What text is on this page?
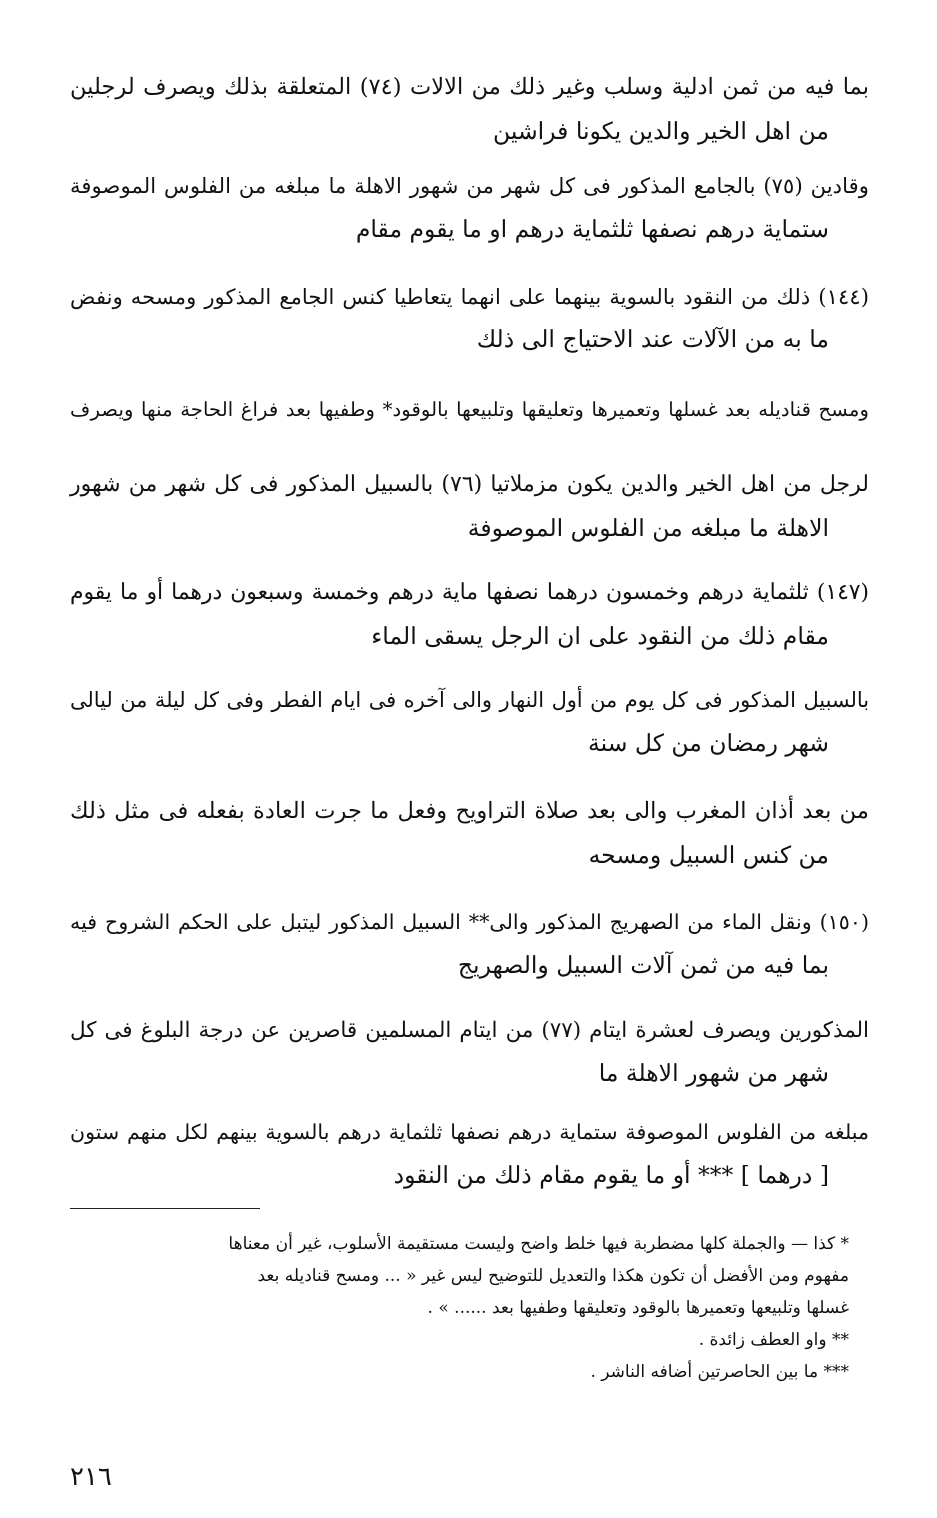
بما فيه من ثمن ادلية وسلب وغير ذلك من الالات (٧٤) المتعلقة بذلك ويصرف لرجلين
من اهل الخير والدين يكونا فراشين
وقادين (٧٥) بالجامع المذكور فى كل شهر من شهور الاهلة ما مبلغه من الفلوس الموصوفة
ستماية درهم نصفها ثلثماية درهم او ما يقوم مقام
(١٤٤) ذلك من النقود بالسوية بينهما على انهما يتعاطيا كنس الجامع المذكور ومسحه ونفض
ما به من الآلات عند الاحتياج الى ذلك
ومسح قناديله بعد غسلها وتعميرها وتعليقها وتلبيعها بالوقود* وطفيها بعد فراغ الحاجة منها ويصرف
لرجل من اهل الخير والدين يكون مزملاتيا (٧٦) بالسبيل المذكور فى كل شهر من شهور
الاهلة ما مبلغه من الفلوس الموصوفة
(١٤٧) ثلثماية درهم وخمسون درهما نصفها ماية درهم وخمسة وسبعون درهما أو ما يقوم
مقام ذلك من النقود على ان الرجل يسقى الماء
بالسبيل المذكور فى كل يوم من أول النهار والى آخره فى ايام الفطر وفى كل ليلة من ليالى
شهر رمضان من كل سنة
من بعد أذان المغرب والى بعد صلاة التراويح وفعل ما جرت العادة بفعله فى مثل ذلك
من كنس السبيل ومسحه
(١٥٠) ونقل الماء من الصهريج المذكور والى** السبيل المذكور ليتبل على الحكم الشروح فيه
بما فيه من ثمن آلات السبيل والصهريج
المذكورين ويصرف لعشرة ايتام (٧٧) من ايتام المسلمين قاصرين عن درجة البلوغ فى كل
شهر من شهور الاهلة ما
مبلغه من الفلوس الموصوفة ستماية درهم نصفها ثلثماية درهم بالسوية بينهم لكل منهم ستون
[ درهما ] *** أو ما يقوم مقام ذلك من النقود
* كذا — والجملة كلها مضطربة فيها خلط واضح وليست مستقيمة الأسلوب، غير أن معناها
مفهوم ومن الأفضل أن تكون هكذا والتعديل للتوضيح ليس غير « ... ومسح قناديله بعد
غسلها وتلبيعها وتعميرها بالوقود وتعليقها وطفيها بعد ...... » .
** واو العطف زائدة .
*** ما بين الحاصرتين أضافه الناشر .
٢١٦
